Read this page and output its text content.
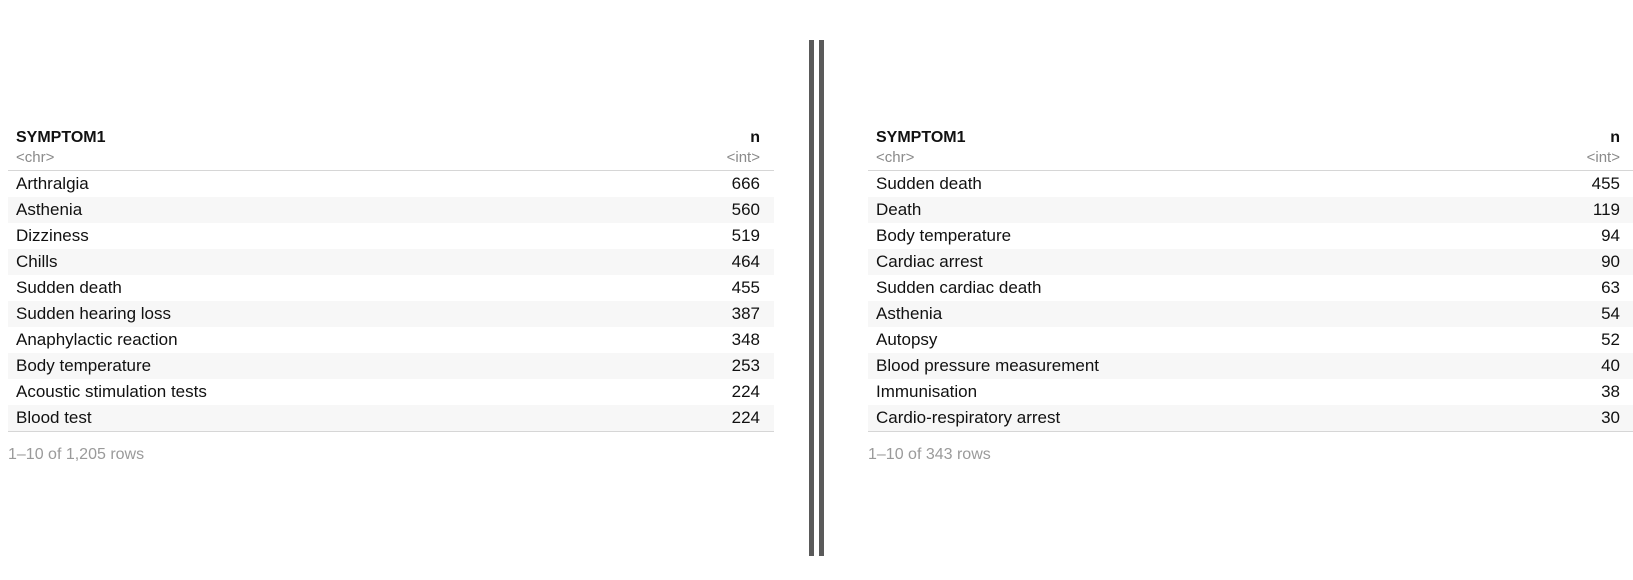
SYMPTOM1	n
<chr>	<int>
Arthralgia	666
Asthenia	560
Dizziness	519
Chills	464
Sudden death	455
Sudden hearing loss	387
Anaphylactic reaction	348
Body temperature	253
Acoustic stimulation tests	224
Blood test	224
1–10 of 1,205 rows
SYMPTOM1	n
<chr>	<int>
Sudden death	455
Death	119
Body temperature	94
Cardiac arrest	90
Sudden cardiac death	63
Asthenia	54
Autopsy	52
Blood pressure measurement	40
Immunisation	38
Cardio-respiratory arrest	30
1–10 of 343 rows
